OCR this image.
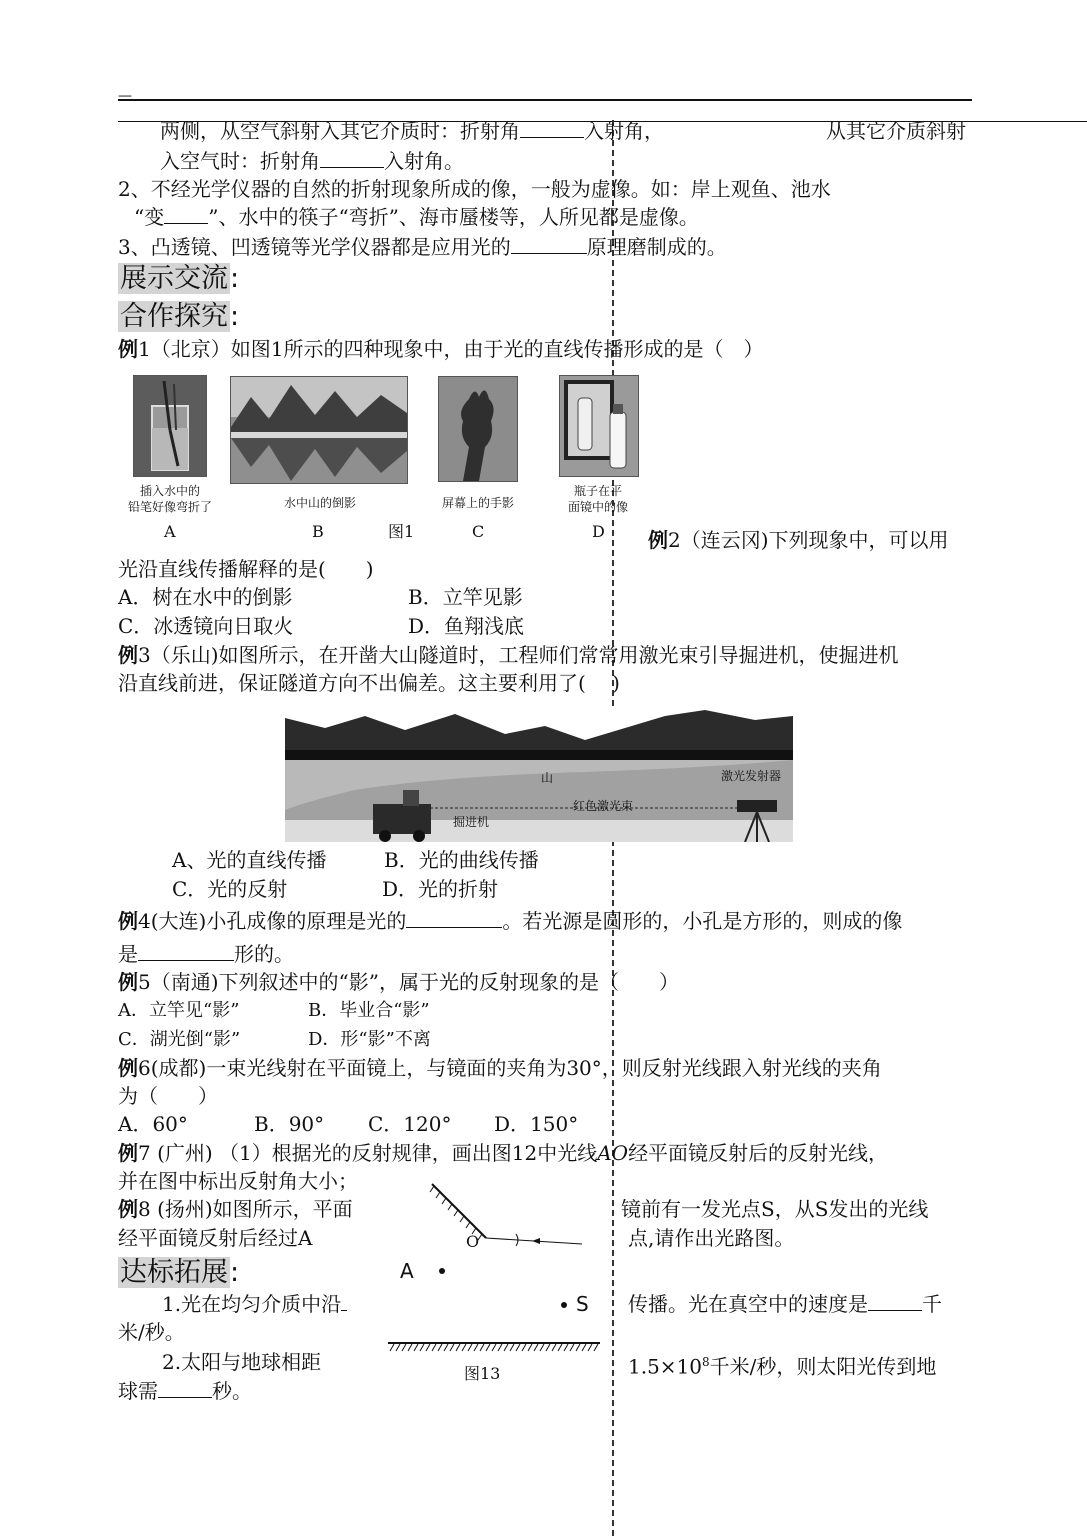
—
两侧，从空气斜射入其它介质时：折射角	入射角，	从其它介质斜射
入空气时：折射角	入射角。
2、不经光学仪器的自然的折射现象所成的像，一般为虚像。如：岸上观鱼、池水
“变 ”、水中的筷子“弯折”、海市蜃楼等，人所见都是虚像。
3、凸透镜、凹透镜等光学仪器都是应用光的	原理磨制成的。
展示交流:
合作探究:
例1（北京）如图1所示的四种现象中，由于光的直线传播形成的是（　）
插入水中的
铅笔好像弯折了
A
水中山的倒影
B	图1
屏幕上的手影
C
瓶子在平
面镜中的像
D 例2（连云冈)下列现象中，可以用
光沿直线传播解释的是(　　)
A．树在水中的倒影	B．立竿见影
C．冰透镜向日取火	D．鱼翔浅底
例3（乐山)如图所示，在开凿大山隧道时，工程师们常常用激光束引导掘进机，使掘进机
沿直线前进，保证隧道方向不出偏差。这主要利用了(　 )
山	激光发射器
红色激光束
掘进机
A、光的直线传播	B．光的曲线传播
C．光的反射	D．光的折射
例4(大连)小孔成像的原理是光的	。若光源是圆形的，小孔是方形的，则成的像
是	形的。
例5（南通)下列叙述中的“影”，属于光的反射现象的是（　　）
A．立竿见“影”	B．毕业合“影”
C．湖光倒“影”	D．形“影”不离
例6(成都)一束光线射在平面镜上，与镜面的夹角为30°，则反射光线跟入射光线的夹角
为（　　）
A．60°	B．90° C．120° D．150°
例7 (广州) （1）根据光的反射规律，画出图12中光线AO经平面镜反射后的反射光线，
并在图中标出反射角大小；
O
例8 (扬州)如图所示，平面	镜前有一发光点S，从S发出的光线
经平面镜反射后经过A	点,请作出光路图。
达标拓展:	A
S
图13
1.光在均匀介质中沿	传播。光在真空中的速度是	千
米/秒。
2.太阳与地球相距	$1.5\times 10^8$千米/秒，则太阳光传到地
球需	秒。
